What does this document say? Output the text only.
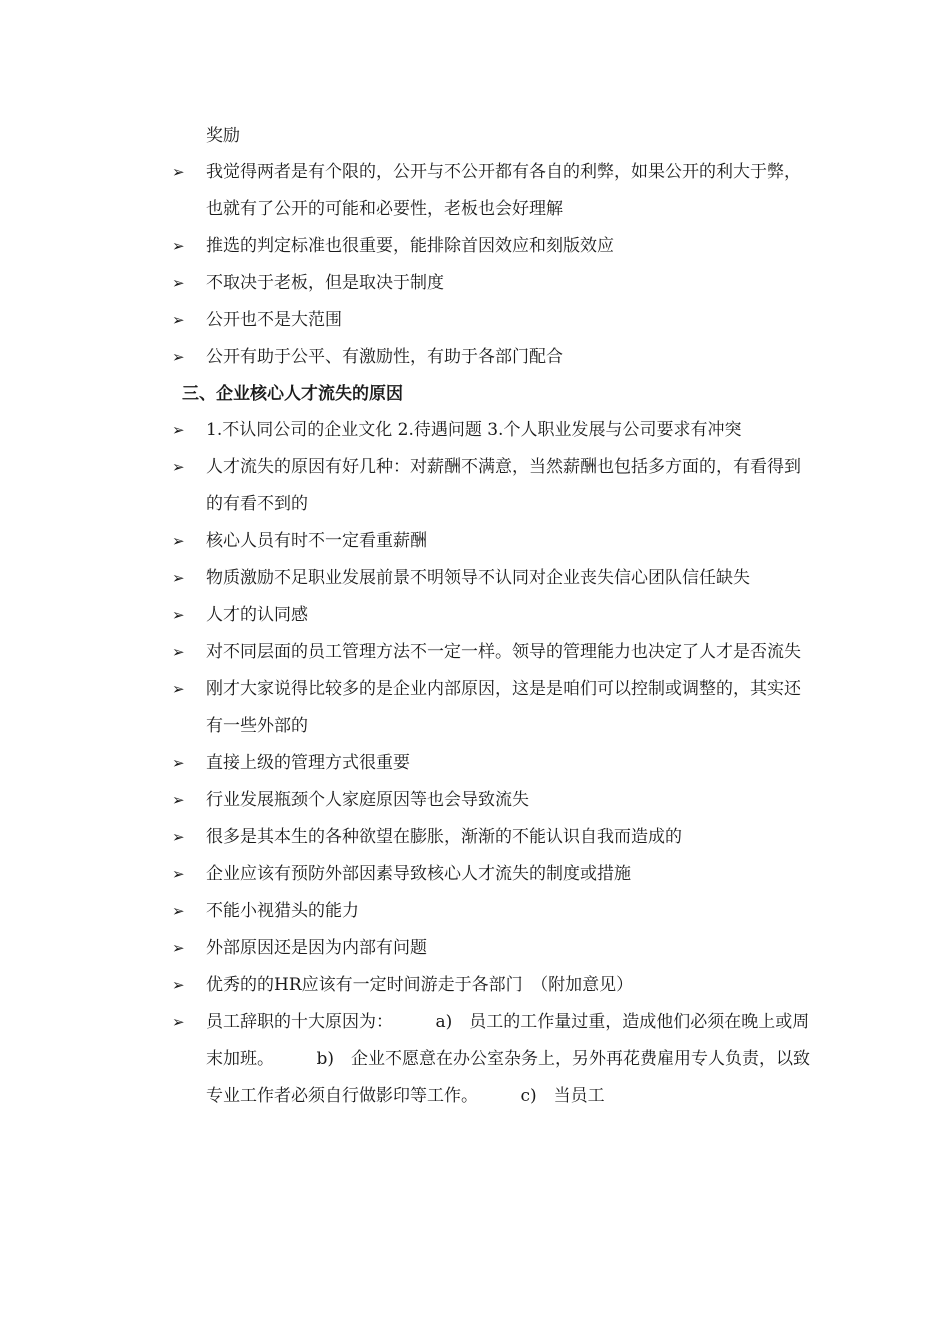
奖励
➢	我觉得两者是有个限的，公开与不公开都有各自的利弊，如果公开的利大于弊，也就有了公开的可能和必要性，老板也会好理解
➢	推选的判定标准也很重要，能排除首因效应和刻版效应
➢	不取决于老板，但是取决于制度
➢	公开也不是大范围
➢	公开有助于公平、有激励性，有助于各部门配合
三、企业核心人才流失的原因
➢	1.不认同公司的企业文化 2.待遇问题 3.个人职业发展与公司要求有冲突
➢	人才流失的原因有好几种：对薪酬不满意，当然薪酬也包括多方面的，有看得到的有看不到的
➢	核心人员有时不一定看重薪酬
➢	物质激励不足职业发展前景不明领导不认同对企业丧失信心团队信任缺失
➢	人才的认同感
➢	对不同层面的员工管理方法不一定一样。领导的管理能力也决定了人才是否流失
➢	刚才大家说得比较多的是企业内部原因，这是是咱们可以控制或调整的，其实还有一些外部的
➢	直接上级的管理方式很重要
➢	行业发展瓶颈个人家庭原因等也会导致流失
➢	很多是其本生的各种欲望在膨胀，渐渐的不能认识自我而造成的
➢	企业应该有预防外部因素导致核心人才流失的制度或措施
➢	不能小视猎头的能力
➢	外部原因还是因为内部有问题
➢	优秀的的HR应该有一定时间游走于各部门　（附加意见）
➢	员工辞职的十大原因为：　　　a)　员工的工作量过重，造成他们必须在晚上或周末加班。　　　b)　企业不愿意在办公室杂务上，另外再花费雇用专人负责，以致专业工作者必须自行做影印等工作。　　　c)　当员工
